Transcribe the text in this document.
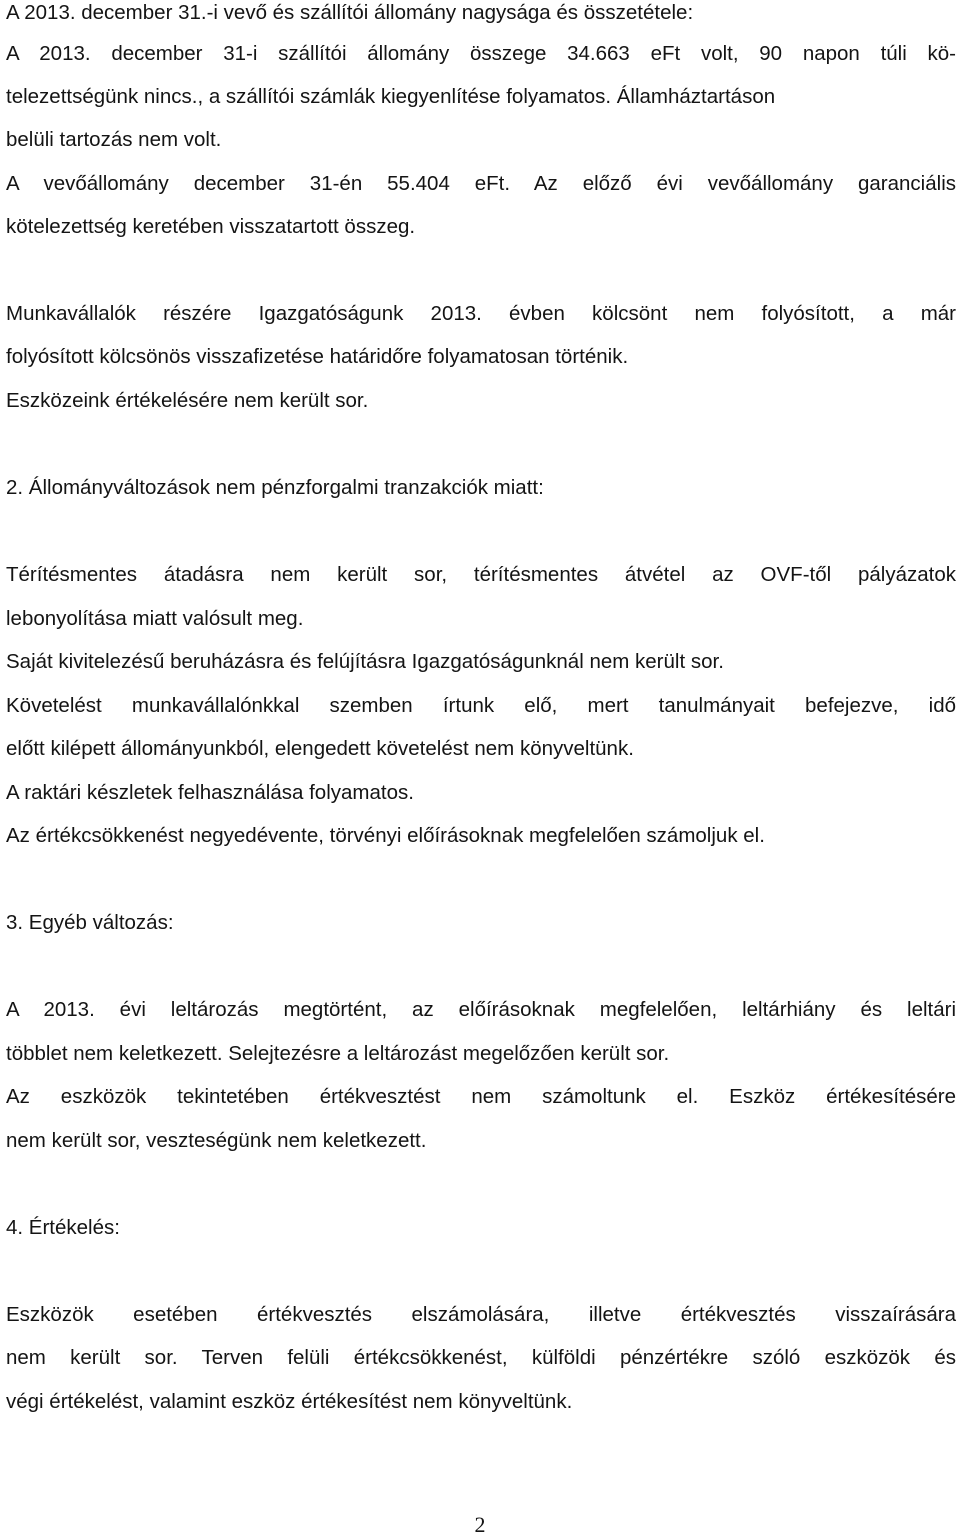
A 2013. december 31.-i vevő és szállítói állomány nagysága és összetétele:
A 2013. december 31-i szállítói állomány összege 34.663 eFt volt, 90 napon túli kö-
telezettségünk nincs., a szállítói számlák kiegyenlítése folyamatos. Államháztartáson
belüli tartozás nem volt.
A vevőállomány december 31-én 55.404 eFt. Az előző évi vevőállomány garanciális
kötelezettség keretében visszatartott összeg.
Munkavállalók részére Igazgatóságunk 2013. évben kölcsönt nem folyósított, a már
folyósított kölcsönös visszafizetése határidőre folyamatosan történik.
Eszközeink értékelésére nem került sor.
2. Állományváltozások nem pénzforgalmi tranzakciók miatt:
Térítésmentes átadásra nem került sor, térítésmentes átvétel az OVF-től pályázatok
lebonyolítása miatt valósult meg.
Saját kivitelezésű beruházásra és felújításra Igazgatóságunknál nem került sor.
Követelést munkavállalónkkal szemben írtunk elő, mert tanulmányait befejezve, idő
előtt kilépett állományunkból, elengedett követelést nem könyveltünk.
A raktári készletek felhasználása folyamatos.
Az értékcsökkenést negyedévente, törvényi előírásoknak megfelelően számoljuk el.
3. Egyéb változás:
A 2013. évi leltározás megtörtént, az előírásoknak megfelelően, leltárhiány és leltári
többlet nem keletkezett. Selejtezésre a leltározást megelőzően került sor.
Az eszközök tekintetében értékvesztést nem számoltunk el. Eszköz értékesítésére
nem került sor, veszteségünk nem keletkezett.
4. Értékelés:
Eszközök esetében értékvesztés elszámolására, illetve értékvesztés visszaírására
nem került sor. Terven felüli értékcsökkenést, külföldi pénzértékre szóló eszközök és
végi értékelést, valamint eszköz értékesítést nem könyveltünk.
2
